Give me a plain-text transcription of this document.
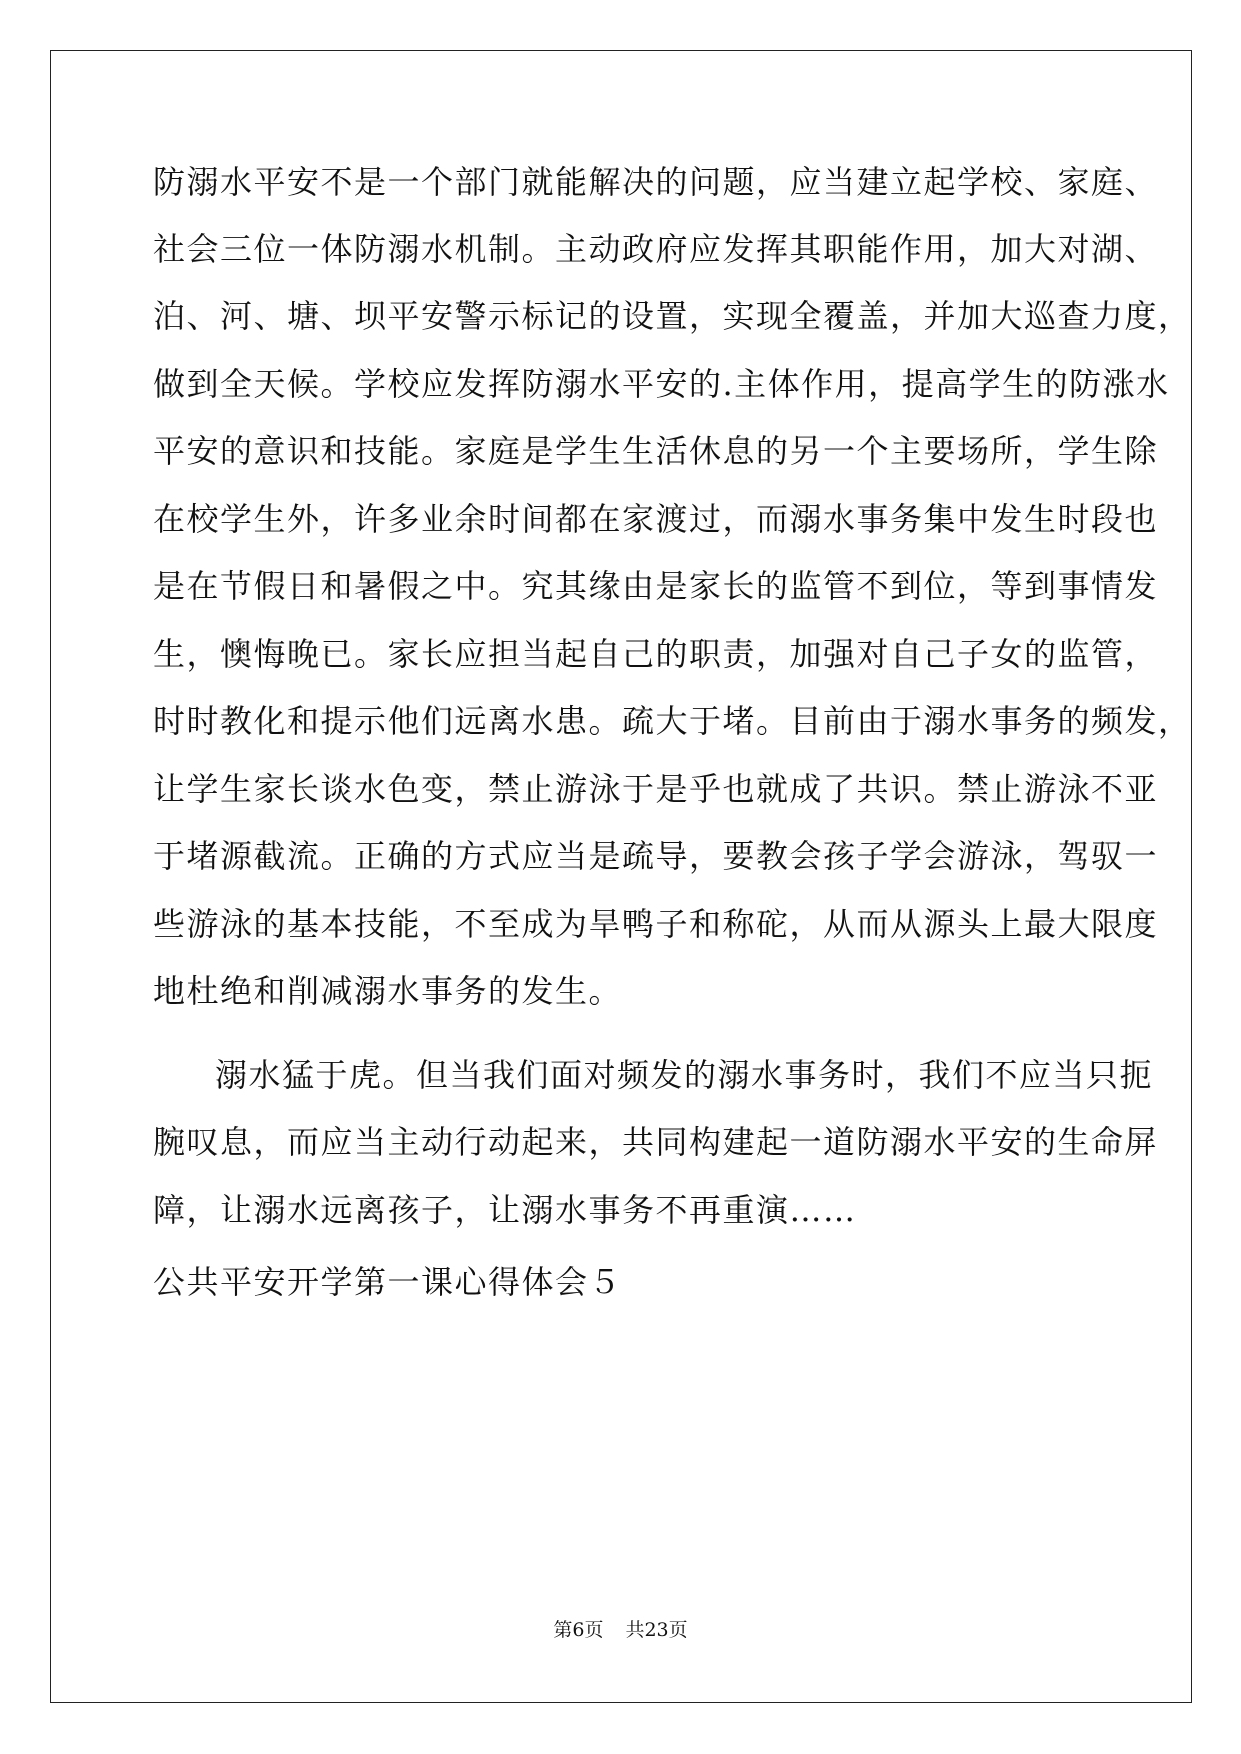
防溺水平安不是一个部门就能解决的问题，应当建立起学校、家庭、
社会三位一体防溺水机制。主动政府应发挥其职能作用，加大对湖、
泊、河、塘、坝平安警示标记的设置，实现全覆盖，并加大巡查力度，
做到全天候。学校应发挥防溺水平安的.主体作用，提高学生的防涨水
平安的意识和技能。家庭是学生生活休息的另一个主要场所，学生除
在校学生外，许多业余时间都在家渡过，而溺水事务集中发生时段也
是在节假日和暑假之中。究其缘由是家长的监管不到位，等到事情发
生，懊悔晚已。家长应担当起自己的职责，加强对自己子女的监管，
时时教化和提示他们远离水患。疏大于堵。目前由于溺水事务的频发，
让学生家长谈水色变，禁止游泳于是乎也就成了共识。禁止游泳不亚
于堵源截流。正确的方式应当是疏导，要教会孩子学会游泳，驾驭一
些游泳的基本技能，不至成为旱鸭子和称砣，从而从源头上最大限度
地杜绝和削减溺水事务的发生。
溺水猛于虎。但当我们面对频发的溺水事务时，我们不应当只扼
腕叹息，而应当主动行动起来，共同构建起一道防溺水平安的生命屏
障，让溺水远离孩子，让溺水事务不再重演……
公共平安开学第一课心得体会５
第6页 共23页
